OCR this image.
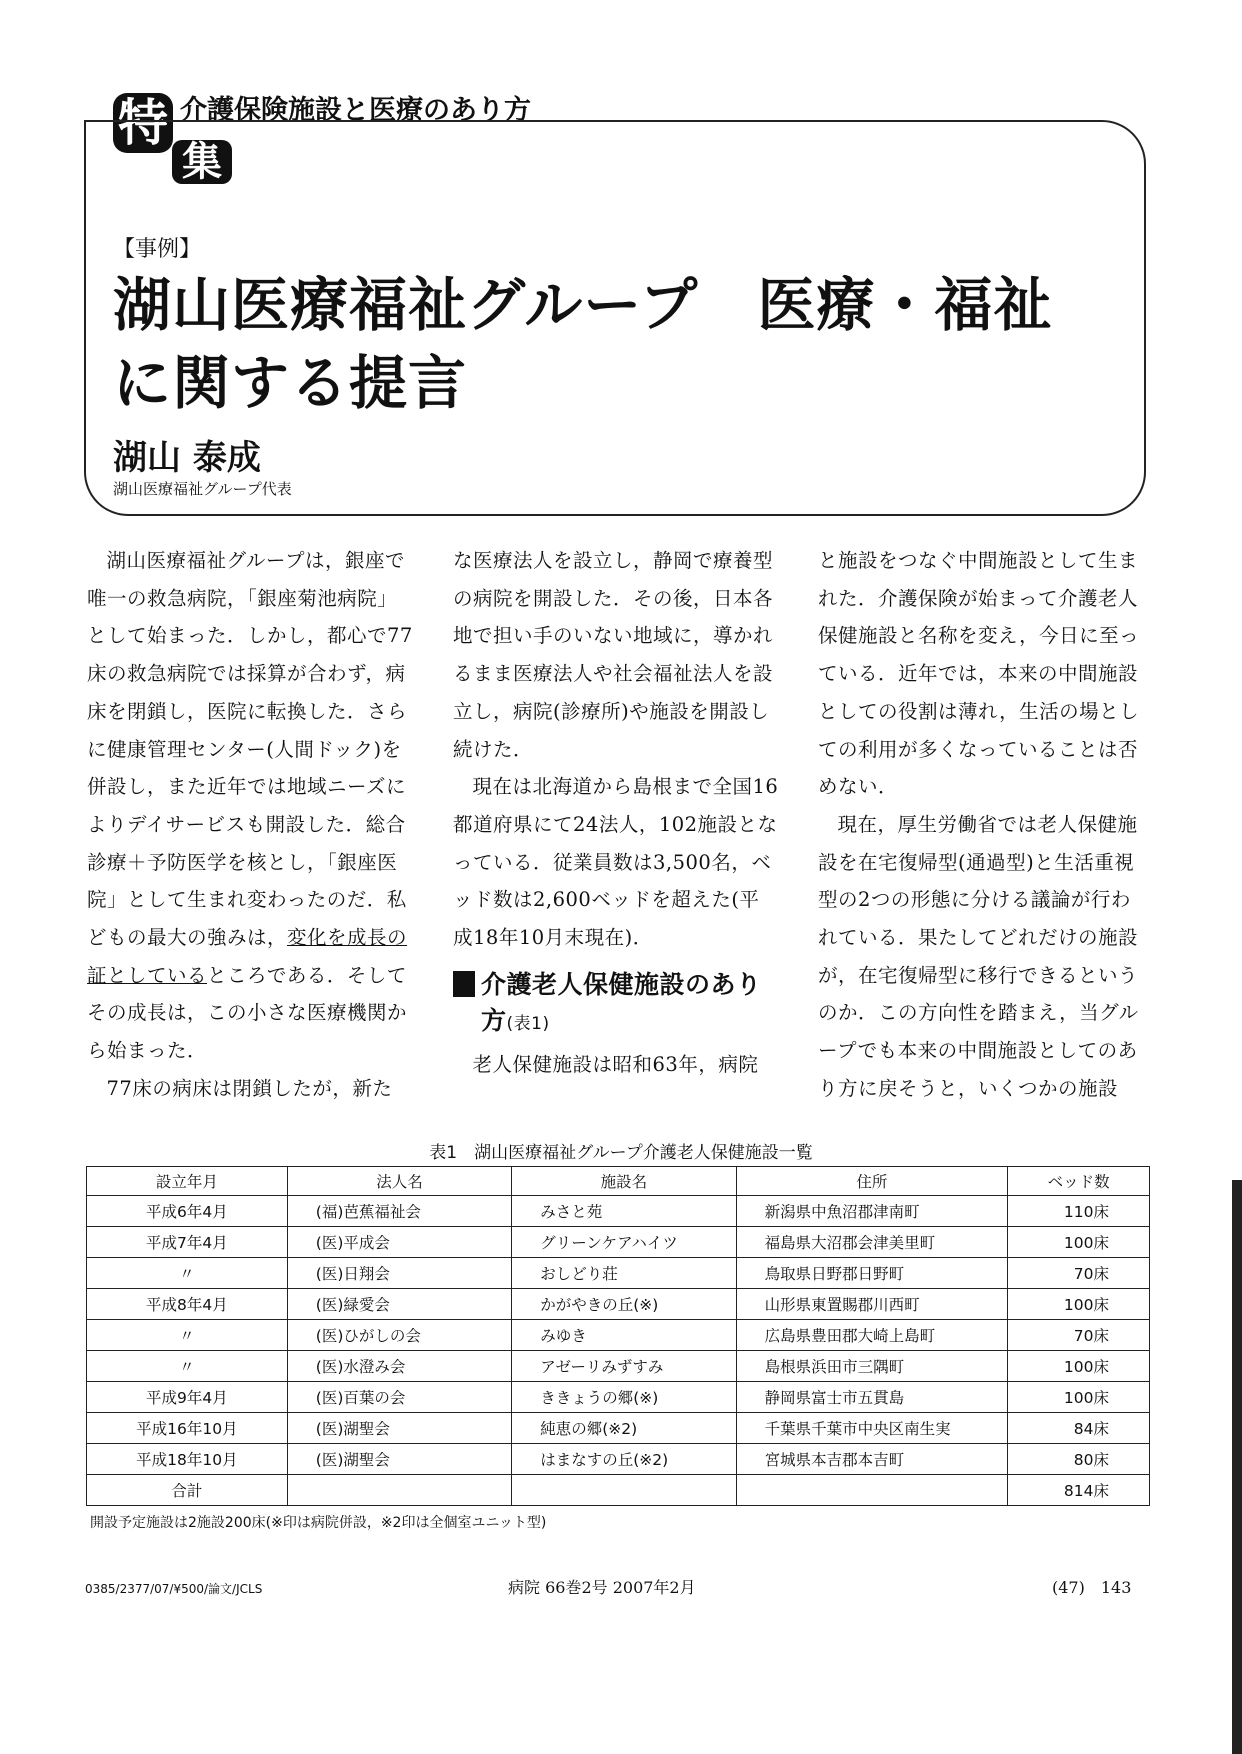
特
集
介護保険施設と医療のあり方
【事例】
湖山医療福祉グループ　医療・福祉
に関する提言
湖山 泰成
湖山医療福祉グループ代表

湖山医療福祉グループは，銀座で唯一の救急病院，「銀座菊池病院」として始まった．しかし，都心で77床の救急病院では採算が合わず，病床を閉鎖し，医院に転換した．さらに健康管理センター(人間ドック)を併設し，また近年では地域ニーズによりデイサービスも開設した．総合診療＋予防医学を核とし，「銀座医院」として生まれ変わったのだ．私どもの最大の強みは，変化を成長の証としているところである．そしてその成長は，この小さな医療機関から始まった．

77床の病床は閉鎖したが，新た

な医療法人を設立し，静岡で療養型の病院を開設した．その後，日本各地で担い手のいない地域に，導かれるまま医療法人や社会福祉法人を設立し，病院(診療所)や施設を開設し続けた．

現在は北海道から島根まで全国16都道府県にて24法人，102施設となっている．従業員数は3,500名，ベッド数は2,600ベッドを超えた(平成18年10月末現在)．

介護老人保健施設のあり方(表1)

老人保健施設は昭和63年，病院

と施設をつなぐ中間施設として生まれた．介護保険が始まって介護老人保健施設と名称を変え，今日に至っている．近年では，本来の中間施設としての役割は薄れ，生活の場としての利用が多くなっていることは否めない．

現在，厚生労働省では老人保健施設を在宅復帰型(通過型)と生活重視型の2つの形態に分ける議論が行われている．果たしてどれだけの施設が，在宅復帰型に移行できるというのか．この方向性を踏まえ，当グループでも本来の中間施設としてのあり方に戻そうと，いくつかの施設

表1　湖山医療福祉グループ介護老人保健施設一覧
設立年月	法人名	施設名	住所	ベッド数
平成6年4月	(福)芭蕉福祉会	みさと苑	新潟県中魚沼郡津南町	110床
平成7年4月	(医)平成会	グリーンケアハイツ	福島県大沼郡会津美里町	100床
〃	(医)日翔会	おしどり荘	鳥取県日野郡日野町	70床
平成8年4月	(医)緑愛会	かがやきの丘(※)	山形県東置賜郡川西町	100床
〃	(医)ひがしの会	みゆき	広島県豊田郡大崎上島町	70床
〃	(医)水澄み会	アゼーリみずすみ	島根県浜田市三隅町	100床
平成9年4月	(医)百葉の会	ききょうの郷(※)	静岡県富士市五貫島	100床
平成16年10月	(医)湖聖会	純恵の郷(※2)	千葉県千葉市中央区南生実	84床
平成18年10月	(医)湖聖会	はまなすの丘(※2)	宮城県本吉郡本吉町	80床
合計				814床
開設予定施設は2施設200床(※印は病院併設，※2印は全個室ユニット型)
0385/2377/07/¥500/論文/JCLS	病院 66巻2号 2007年2月	(47)　143
